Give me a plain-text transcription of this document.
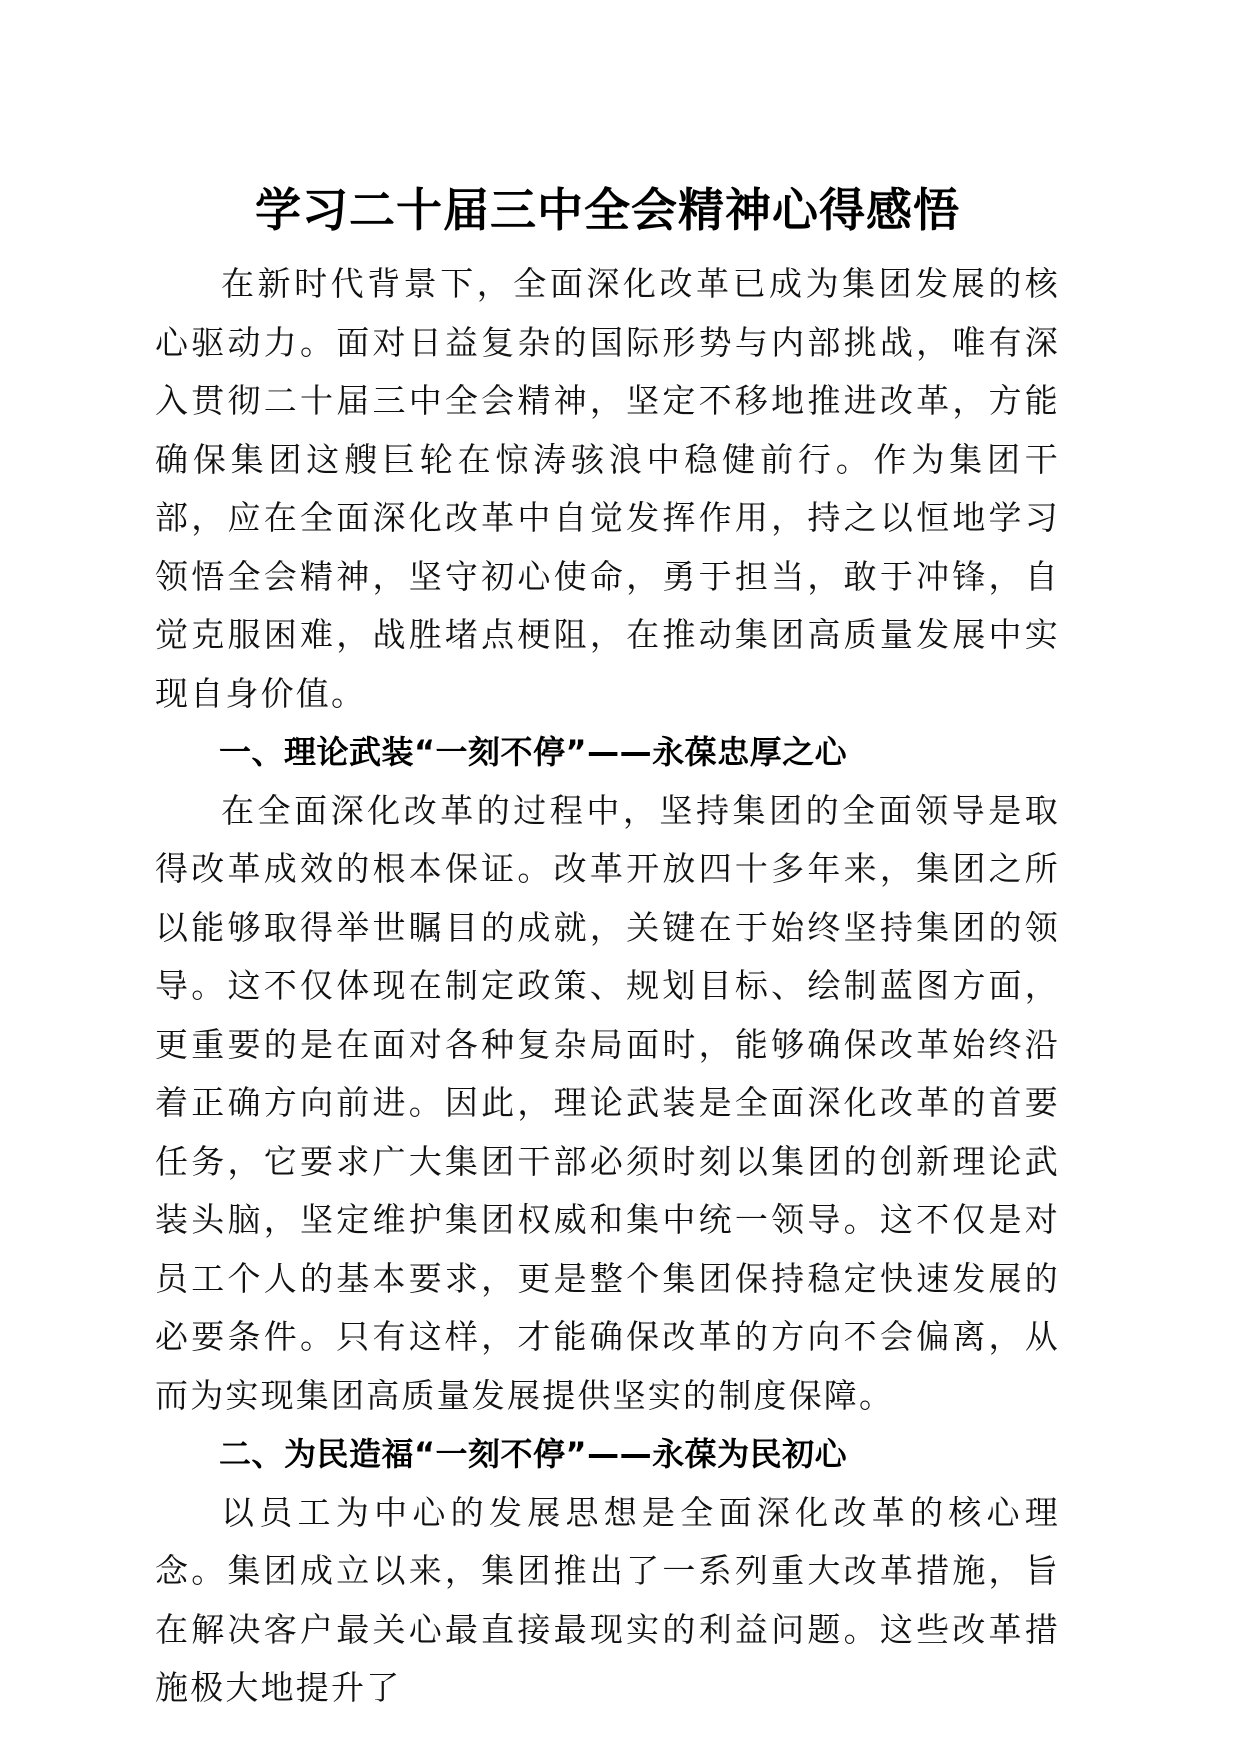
学习二十届三中全会精神心得感悟

在新时代背景下，全面深化改革已成为集团发展的核心驱动力。面对日益复杂的国际形势与内部挑战，唯有深入贯彻二十届三中全会精神，坚定不移地推进改革，方能确保集团这艘巨轮在惊涛骇浪中稳健前行。作为集团干部，应在全面深化改革中自觉发挥作用，持之以恒地学习领悟全会精神，坚守初心使命，勇于担当，敢于冲锋，自觉克服困难，战胜堵点梗阻，在推动集团高质量发展中实现自身价值。

一、理论武装“一刻不停”——永葆忠厚之心

在全面深化改革的过程中，坚持集团的全面领导是取得改革成效的根本保证。改革开放四十多年来，集团之所以能够取得举世瞩目的成就，关键在于始终坚持集团的领导。这不仅体现在制定政策、规划目标、绘制蓝图方面，更重要的是在面对各种复杂局面时，能够确保改革始终沿着正确方向前进。因此，理论武装是全面深化改革的首要任务，它要求广大集团干部必须时刻以集团的创新理论武装头脑，坚定维护集团权威和集中统一领导。这不仅是对员工个人的基本要求，更是整个集团保持稳定快速发展的必要条件。只有这样，才能确保改革的方向不会偏离，从而为实现集团高质量发展提供坚实的制度保障。

二、为民造福“一刻不停”——永葆为民初心

以员工为中心的发展思想是全面深化改革的核心理念。集团成立以来，集团推出了一系列重大改革措施，旨在解决客户最关心最直接最现实的利益问题。这些改革措施极大地提升了
